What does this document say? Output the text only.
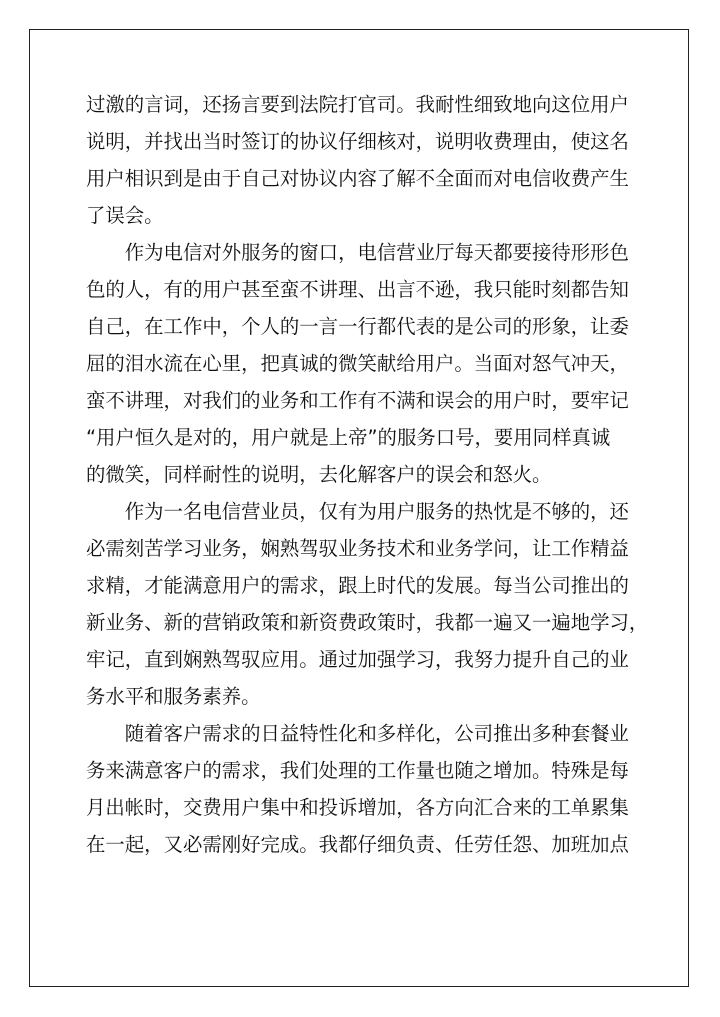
过激的言词，还扬言要到法院打官司。我耐性细致地向这位用户
说明，并找出当时签订的协议仔细核对，说明收费理由，使这名
用户相识到是由于自己对协议内容了解不全面而对电信收费产生
了误会。
　　作为电信对外服务的窗口，电信营业厅每天都要接待形形色
色的人，有的用户甚至蛮不讲理、出言不逊，我只能时刻都告知
自己，在工作中，个人的一言一行都代表的是公司的形象，让委
屈的泪水流在心里，把真诚的微笑献给用户。当面对怒气冲天，
蛮不讲理，对我们的业务和工作有不满和误会的用户时，要牢记
“用户恒久是对的，用户就是上帝”的服务口号，要用同样真诚
的微笑，同样耐性的说明，去化解客户的误会和怒火。
　　作为一名电信营业员，仅有为用户服务的热忱是不够的，还
必需刻苦学习业务，娴熟驾驭业务技术和业务学问，让工作精益
求精，才能满意用户的需求，跟上时代的发展。每当公司推出的
新业务、新的营销政策和新资费政策时，我都一遍又一遍地学习，
牢记，直到娴熟驾驭应用。通过加强学习，我努力提升自己的业
务水平和服务素养。
　　随着客户需求的日益特性化和多样化，公司推出多种套餐业
务来满意客户的需求，我们处理的工作量也随之增加。特殊是每
月出帐时，交费用户集中和投诉增加，各方向汇合来的工单累集
在一起，又必需刚好完成。我都仔细负责、任劳任怨、加班加点
